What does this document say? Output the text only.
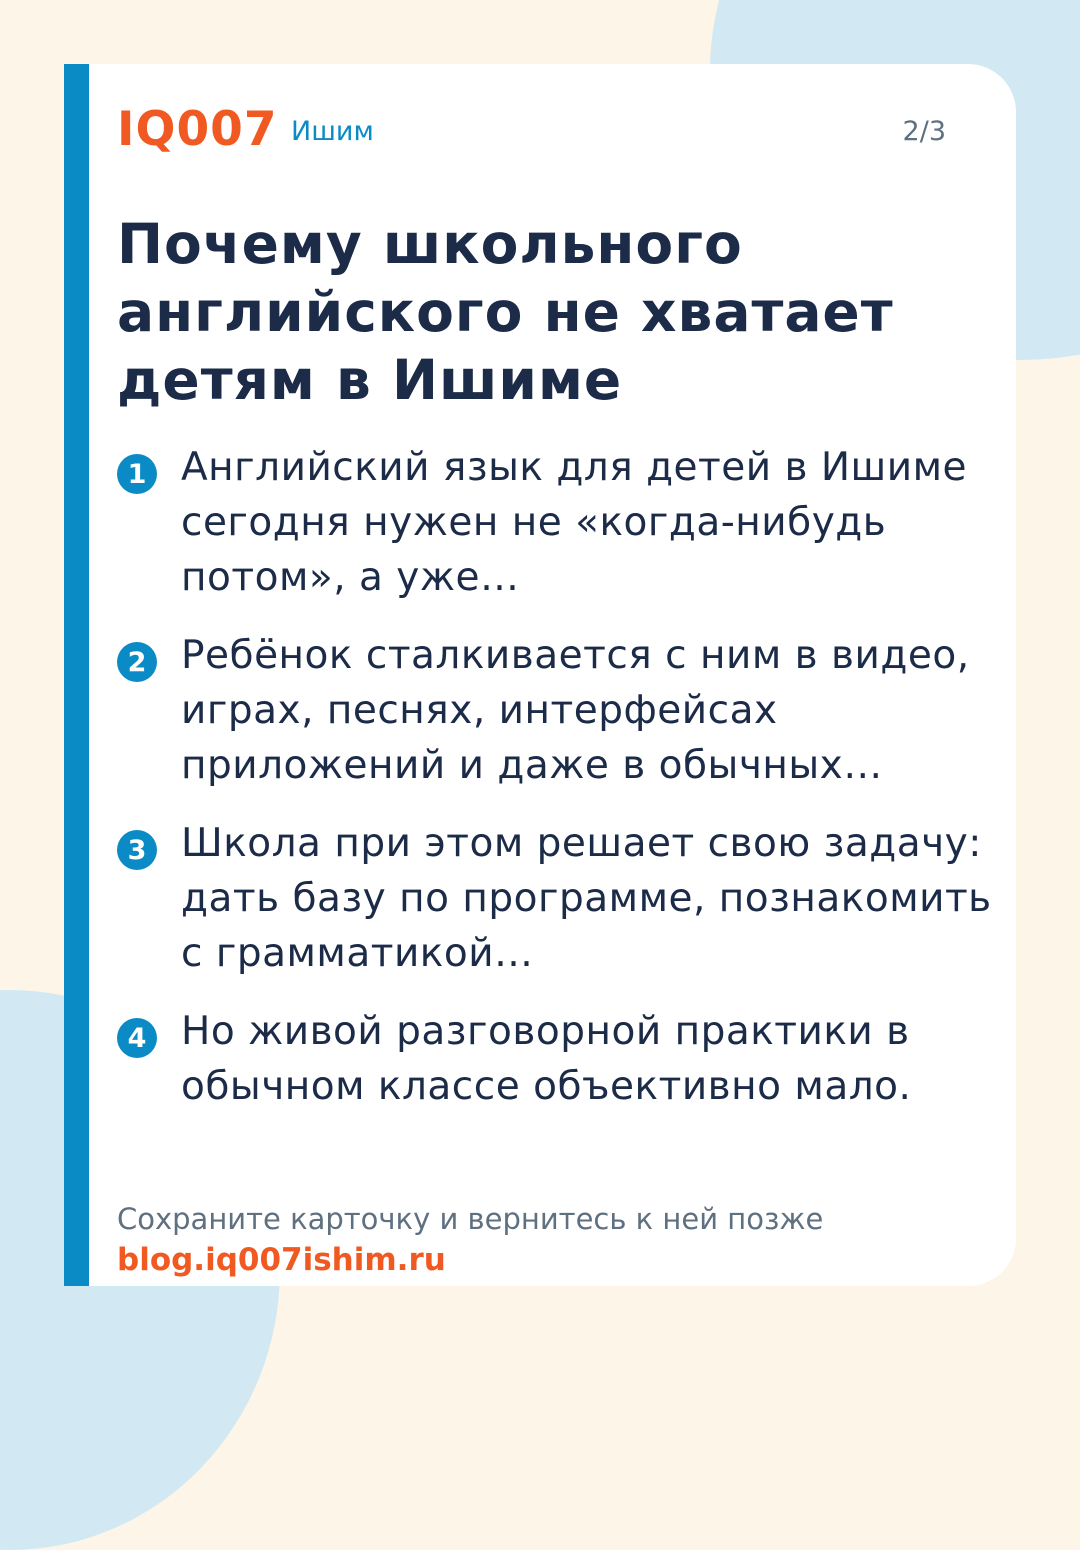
IQ007 Ишим	2/3
Почему школьного английского не хватает детям в Ишиме
1 Английский язык для детей в Ишиме сегодня нужен не «когда-нибудь потом», а уже…
2 Ребёнок сталкивается с ним в видео, играх, песнях, интерфейсах приложений и даже в обычных…
3 Школа при этом решает свою задачу: дать базу по программе, познакомить с грамматикой…
4 Но живой разговорной практики в обычном классе объективно мало.
Сохраните карточку и вернитесь к ней позже
blog.iq007ishim.ru
